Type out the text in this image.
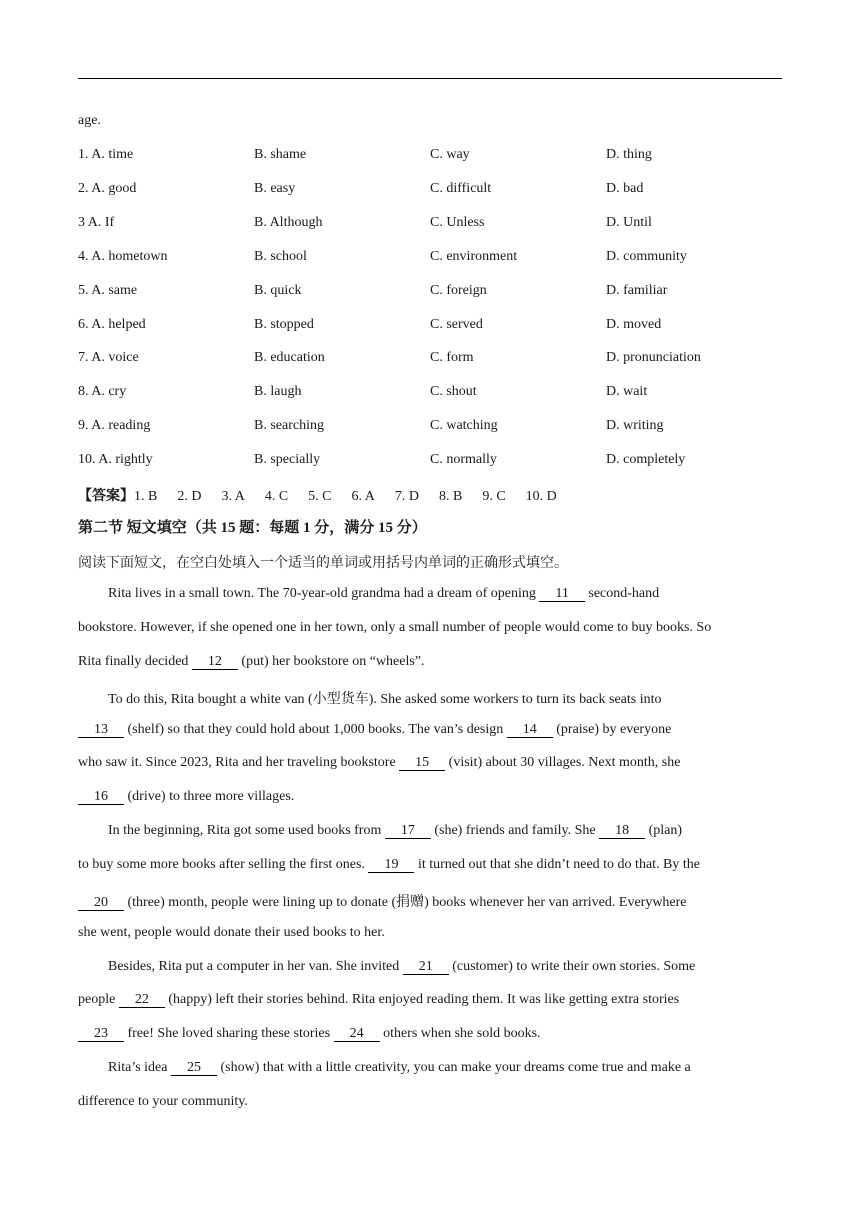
age.
1. A. time	B. shame	C. way	D. thing
2. A. good	B. easy	C. difficult	D. bad
3 A. If	B. Although	C. Unless	D. Until
4. A. hometown	B. school	C. environment	D. community
5. A. same	B. quick	C. foreign	D. familiar
6. A. helped	B. stopped	C. served	D. moved
7. A. voice	B. education	C. form	D. pronunciation
8. A. cry	B. laugh	C. shout	D. wait
9. A. reading	B. searching	C. watching	D. writing
10. A. rightly	B. specially	C. normally	D. completely
【答案】1. B 2. D 3. A 4. C 5. C 6. A 7. D 8. B 9. C 10. D
第二节 短文填空（共 15 题：每题 1 分，满分 15 分）
阅读下面短文，在空白处填入一个适当的单词或用括号内单词的正确形式填空。
Rita lives in a small town. The 70-year-old grandma had a dream of opening 11 second-hand
bookstore. However, if she opened one in her town, only a small number of people would come to buy books. So
Rita finally decided 12 (put) her bookstore on “wheels”.
To do this, Rita bought a white van (小型货车). She asked some workers to turn its back seats into
13 (shelf) so that they could hold about 1,000 books. The van’s design 14 (praise) by everyone
who saw it. Since 2023, Rita and her traveling bookstore 15 (visit) about 30 villages. Next month, she
16 (drive) to three more villages.
In the beginning, Rita got some used books from 17 (she) friends and family. She 18 (plan)
to buy some more books after selling the first ones. 19 it turned out that she didn’t need to do that. By the
20 (three) month, people were lining up to donate (捐赠) books whenever her van arrived. Everywhere
she went, people would donate their used books to her.
Besides, Rita put a computer in her van. She invited 21 (customer) to write their own stories. Some
people 22 (happy) left their stories behind. Rita enjoyed reading them. It was like getting extra stories
23 free! She loved sharing these stories 24 others when she sold books.
Rita’s idea 25 (show) that with a little creativity, you can make your dreams come true and make a
difference to your community.
